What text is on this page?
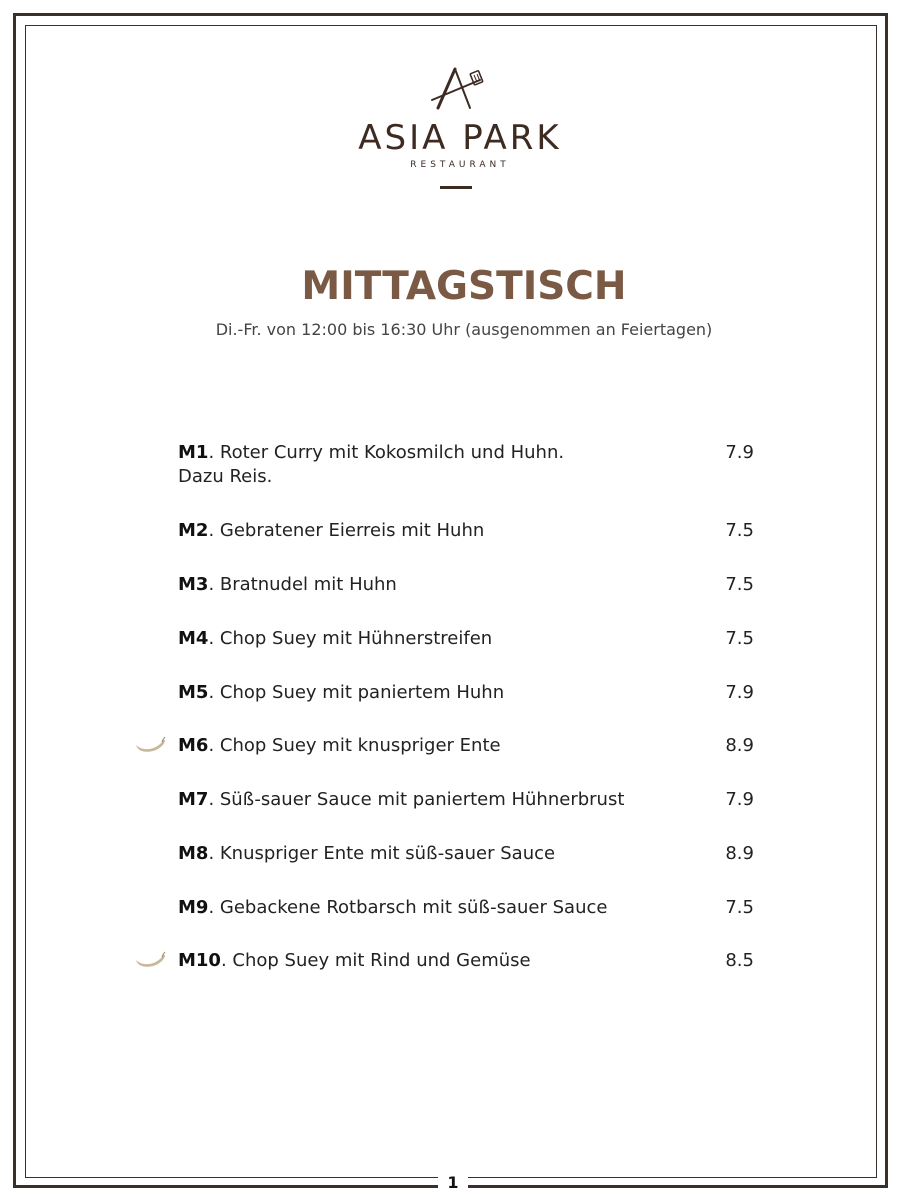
ASIA PARK
RESTAURANT
MITTAGSTISCH
Di.-Fr. von 12:00 bis 16:30 Uhr (ausgenommen an Feiertagen)
M1. Roter Curry mit Kokosmilch und Huhn.
Dazu Reis.
7.9
M2. Gebratener Eierreis mit Huhn	7.5
M3. Bratnudel mit Huhn	7.5
M4. Chop Suey mit Hühnerstreifen	7.5
M5. Chop Suey mit paniertem Huhn	7.9
M6. Chop Suey mit knuspriger Ente	8.9
M7. Süß-sauer Sauce mit paniertem Hühnerbrust	7.9
M8. Knuspriger Ente mit süß-sauer Sauce	8.9
M9. Gebackene Rotbarsch mit süß-sauer Sauce	7.5
M10. Chop Suey mit Rind und Gemüse	8.5
1
